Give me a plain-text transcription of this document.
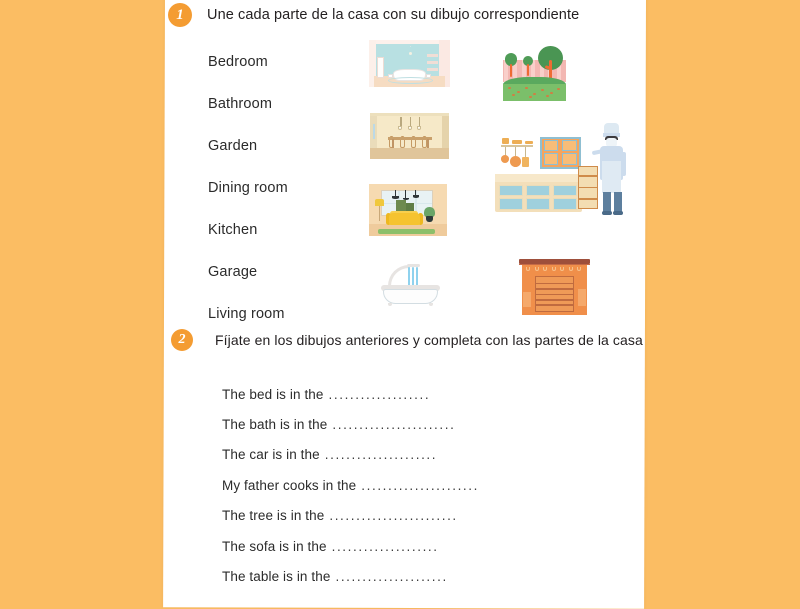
1	Une cada parte de la casa con su dibujo correspondiente
Bedroom
Bathroom
Garden
Dining room
Kitchen
Garage
Living room
2	Fíjate en los dibujos anteriores y completa con las partes de la casa
The bed is in the ...................
The bath is in the .......................
The car is in the .....................
My father cooks in the ......................
The tree is in the ........................
The sofa is in the ....................
The table is in the .....................
